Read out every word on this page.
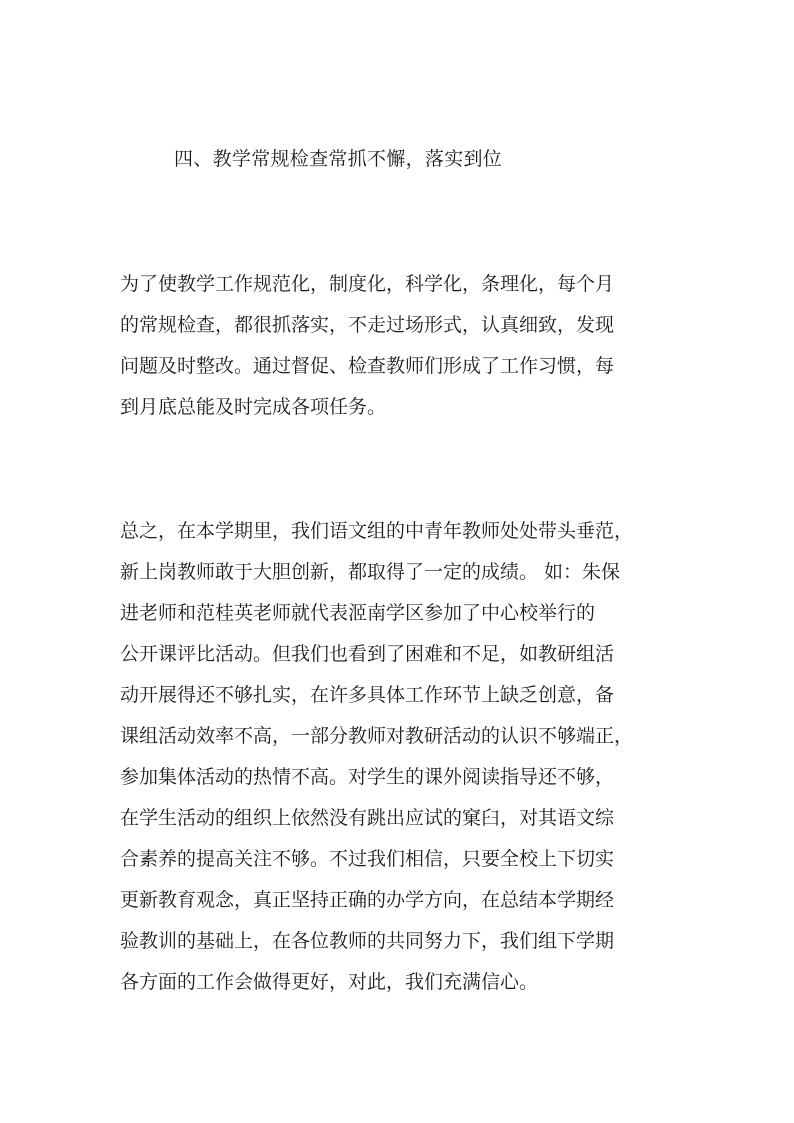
四、教学常规检查常抓不懈，落实到位
为了使教学工作规范化，制度化，科学化，条理化，每个月
的常规检查，都很抓落实，不走过场形式，认真细致，发现
问题及时整改。通过督促、检查教师们形成了工作习惯，每
到月底总能及时完成各项任务。
总之，在本学期里，我们语文组的中青年教师处处带头垂范，
新上岗教师敢于大胆创新，都取得了一定的成绩。 如：朱保
进老师和范桂英老师就代表洍南学区参加了中心校举行的
公开课评比活动。但我们也看到了困难和不足，如教研组活
动开展得还不够扎实，在许多具体工作环节上缺乏创意，备
课组活动效率不高，一部分教师对教研活动的认识不够端正，
参加集体活动的热情不高。对学生的课外阅读指导还不够，
在学生活动的组织上依然没有跳出应试的窠臼，对其语文综
合素养的提高关注不够。不过我们相信，只要全校上下切实
更新教育观念，真正坚持正确的办学方向，在总结本学期经
验教训的基础上，在各位教师的共同努力下，我们组下学期
各方面的工作会做得更好，对此，我们充满信心。
